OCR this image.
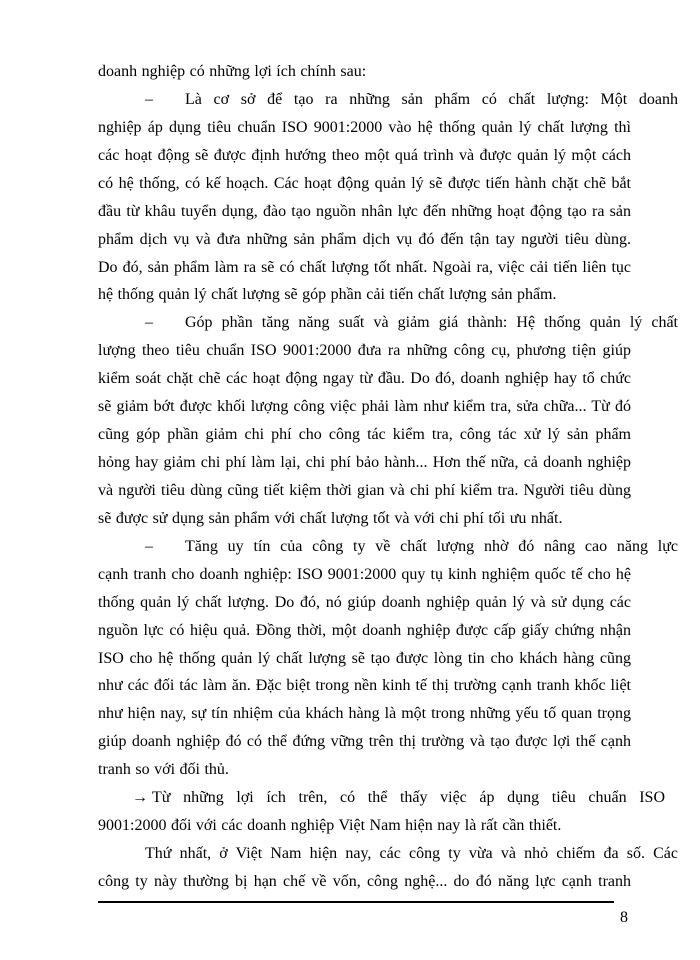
doanh nghiệp có những lợi ích chính sau:
– Là cơ sở để tạo ra những sản phẩm có chất lượng: Một doanh
nghiệp áp dụng tiêu chuẩn ISO 9001:2000 vào hệ thống quản lý chất lượng thì
các hoạt động sẽ được định hướng theo một quá trình và được quản lý một cách
có hệ thống, có kế hoạch. Các hoạt động quản lý sẽ được tiến hành chặt chẽ bắt
đầu từ khâu tuyển dụng, đào tạo nguồn nhân lực đến những hoạt động tạo ra sản
phẩm dịch vụ và đưa những sản phẩm dịch vụ đó đến tận tay người tiêu dùng.
Do đó, sản phẩm làm ra sẽ có chất lượng tốt nhất. Ngoài ra, việc cải tiến liên tục
hệ thống quản lý chất lượng sẽ góp phần cải tiến chất lượng sản phẩm.
– Góp phần tăng năng suất và giảm giá thành: Hệ thống quản lý chất
lượng theo tiêu chuẩn ISO 9001:2000 đưa ra những công cụ, phương tiện giúp
kiểm soát chặt chẽ các hoạt động ngay từ đầu. Do đó, doanh nghiệp hay tổ chức
sẽ giảm bớt được khối lượng công việc phải làm như kiểm tra, sửa chữa... Từ đó
cũng góp phần giảm chi phí cho công tác kiểm tra, công tác xử lý sản phẩm
hỏng hay giảm chi phí làm lại, chi phí bảo hành... Hơn thế nữa, cả doanh nghiệp
và người tiêu dùng cũng tiết kiệm thời gian và chi phí kiểm tra. Người tiêu dùng
sẽ được sử dụng sản phẩm với chất lượng tốt và với chi phí tối ưu nhất.
– Tăng uy tín của công ty về chất lượng nhờ đó nâng cao năng lực
cạnh tranh cho doanh nghiệp: ISO 9001:2000 quy tụ kinh nghiệm quốc tế cho hệ
thống quản lý chất lượng. Do đó, nó giúp doanh nghiệp quản lý và sử dụng các
nguồn lực có hiệu quả. Đồng thời, một doanh nghiệp được cấp giấy chứng nhận
ISO cho hệ thống quản lý chất lượng sẽ tạo được lòng tin cho khách hàng cũng
như các đối tác làm ăn. Đặc biệt trong nền kinh tế thị trường cạnh tranh khốc liệt
như hiện nay, sự tín nhiệm của khách hàng là một trong những yếu tố quan trọng
giúp doanh nghiệp đó có thể đứng vững trên thị trường và tạo được lợi thế cạnh
tranh so với đối thủ.
→ Từ những lợi ích trên, có thể thấy việc áp dụng tiêu chuẩn ISO
9001:2000 đối với các doanh nghiệp Việt Nam hiện nay là rất cần thiết.
Thứ nhất, ở Việt Nam hiện nay, các công ty vừa và nhỏ chiếm đa số. Các
công ty này thường bị hạn chế về vốn, công nghệ... do đó năng lực cạnh tranh
8
